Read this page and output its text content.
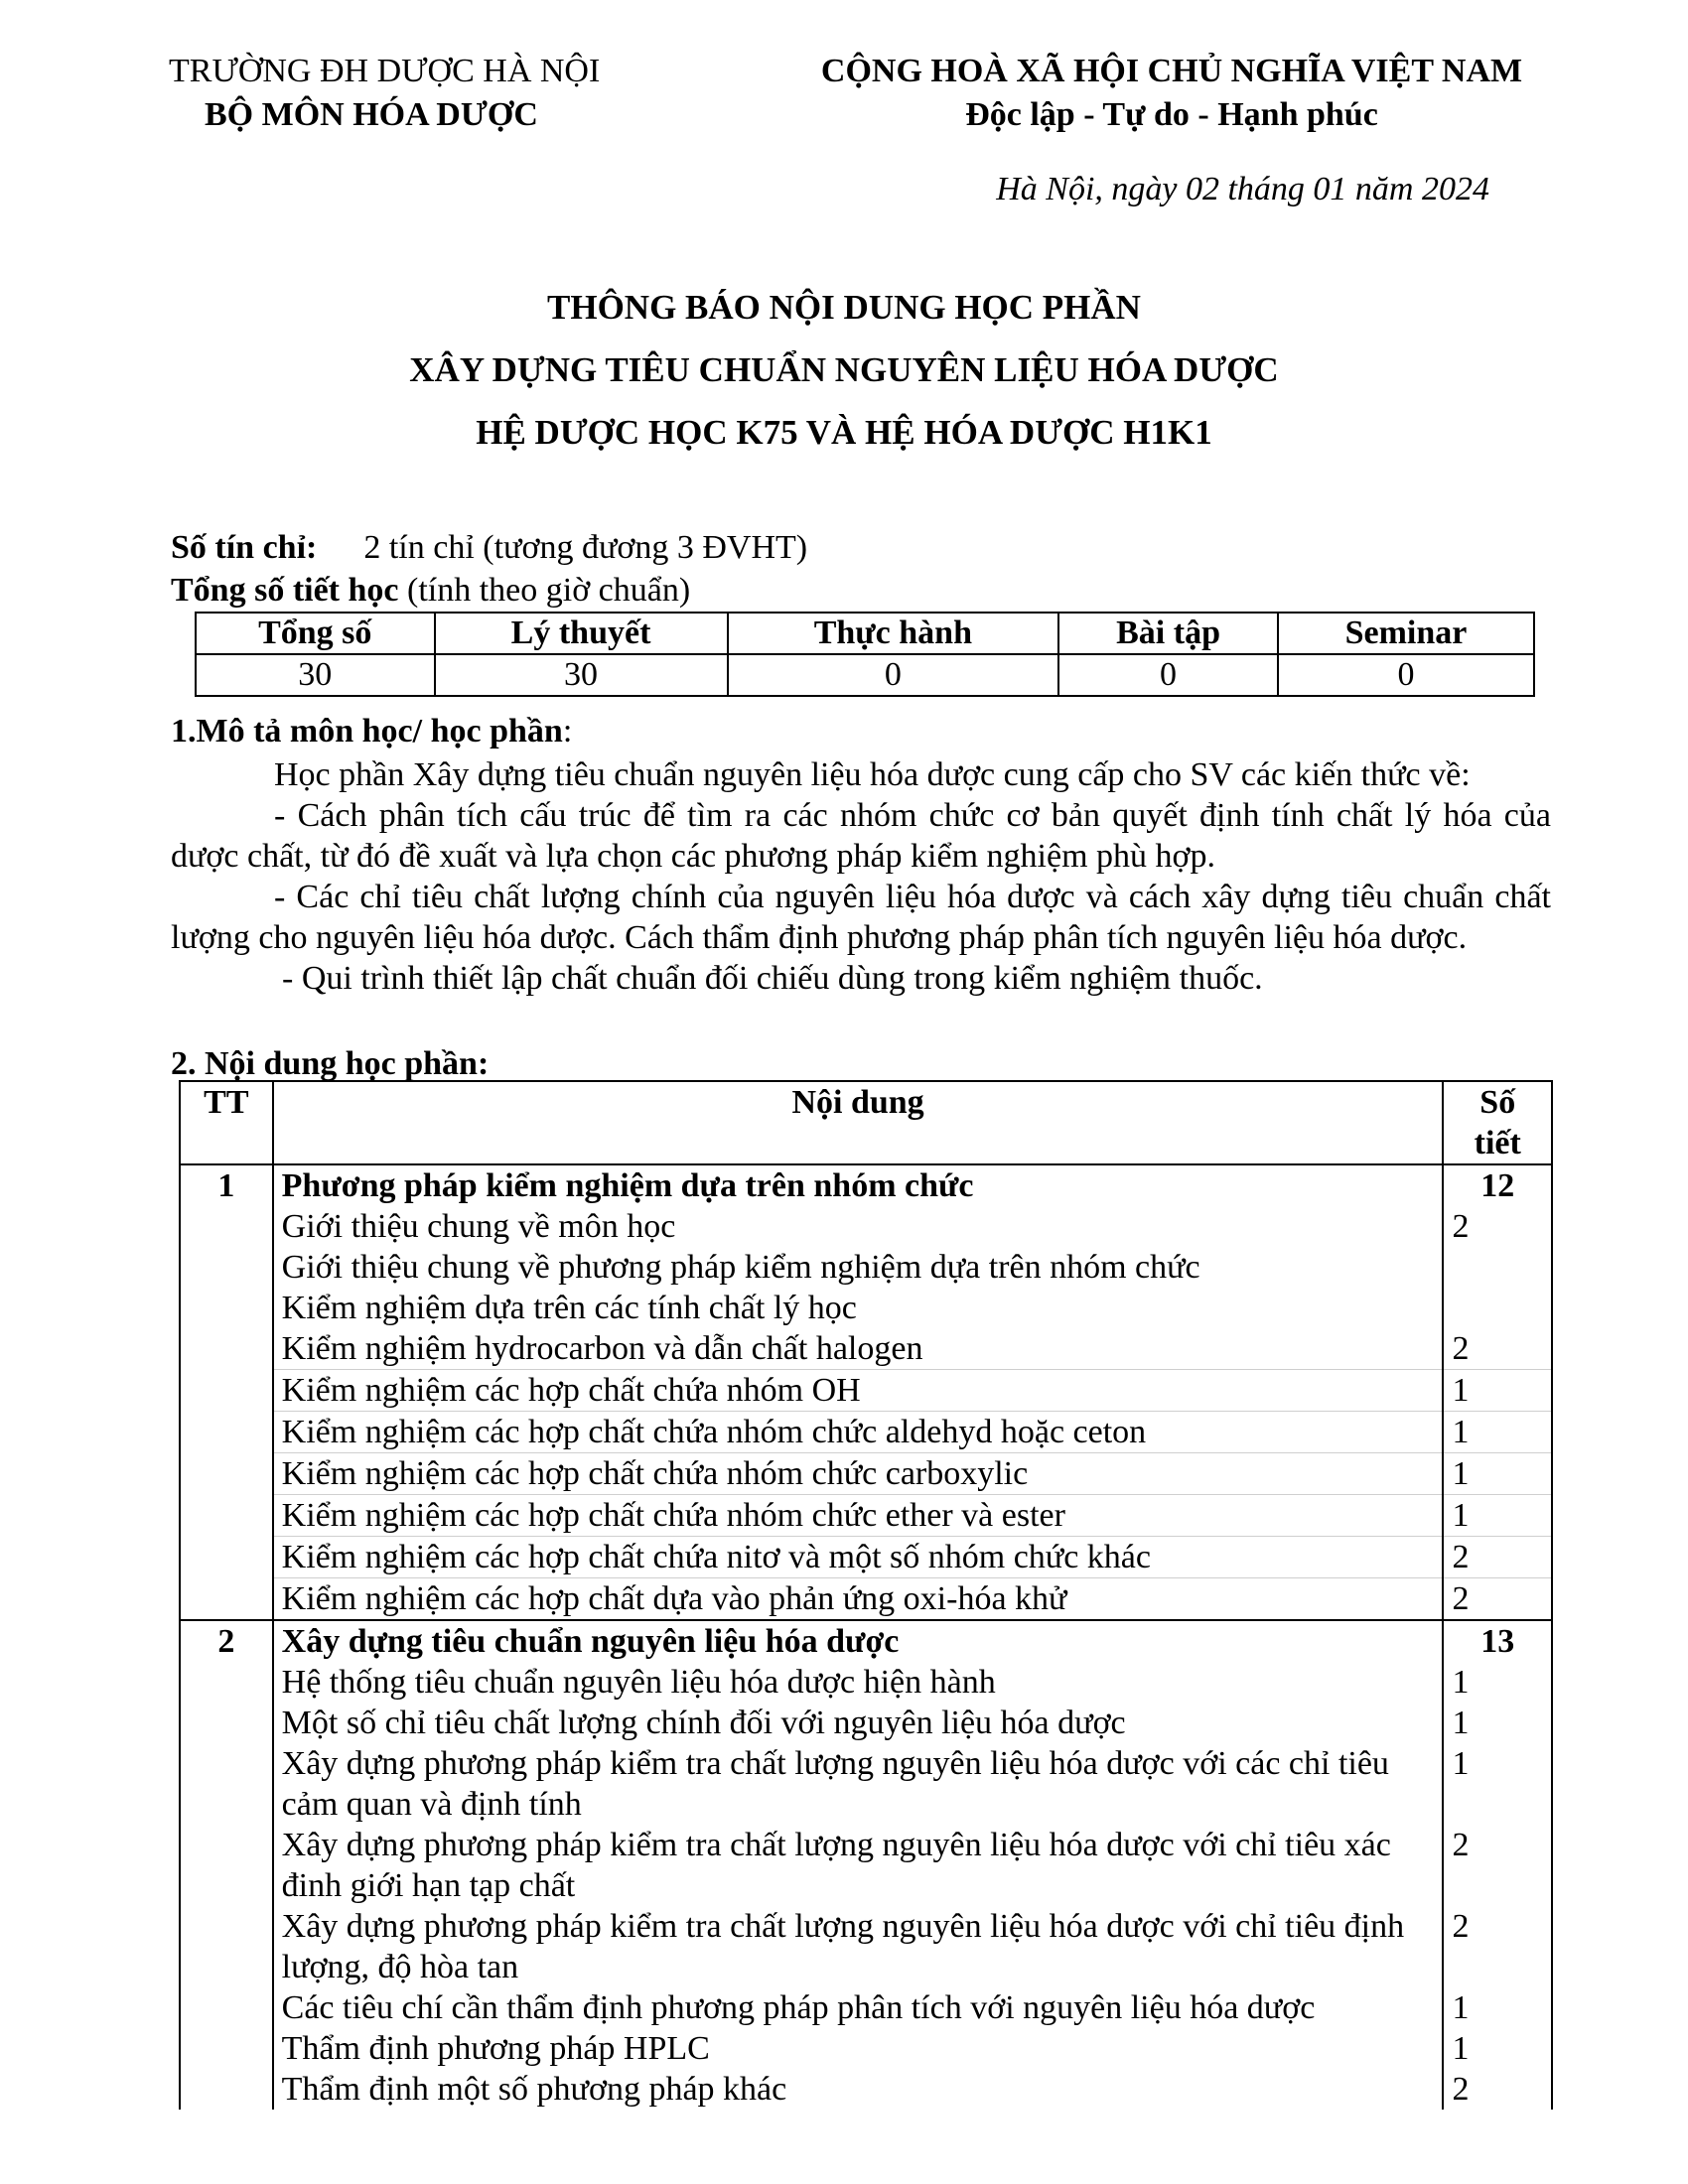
TRƯỜNG ĐH DƯỢC HÀ NỘI
BỘ MÔN HÓA DƯỢC
CỘNG HOÀ XÃ HỘI CHỦ NGHĨA VIỆT NAM
Độc lập - Tự do - Hạnh phúc
Hà Nội, ngày 02 tháng 01 năm 2024
THÔNG BÁO NỘI DUNG HỌC PHẦN
XÂY DỰNG TIÊU CHUẨN NGUYÊN LIỆU HÓA DƯỢC
HỆ DƯỢC HỌC K75 VÀ HỆ HÓA DƯỢC H1K1
Số tín chỉ: 2 tín chỉ (tương đương 3 ĐVHT)
Tổng số tiết học (tính theo giờ chuẩn)
Tổng số	Lý thuyết	Thực hành	Bài tập	Seminar
30	30	0	0	0
1.Mô tả môn học/ học phần:

Học phần Xây dựng tiêu chuẩn nguyên liệu hóa dược cung cấp cho SV các kiến thức về:

- Cách phân tích cấu trúc để tìm ra các nhóm chức cơ bản quyết định tính chất lý hóa của dược chất, từ đó đề xuất và lựa chọn các phương pháp kiểm nghiệm phù hợp.

- Các chỉ tiêu chất lượng chính của nguyên liệu hóa dược và cách xây dựng tiêu chuẩn chất lượng cho nguyên liệu hóa dược. Cách thẩm định phương pháp phân tích nguyên liệu hóa dược.

- Qui trình thiết lập chất chuẩn đối chiếu dùng trong kiểm nghiệm thuốc.

2. Nội dung học phần:
TT	Nội dung	Số tiết
1	Phương pháp kiểm nghiệm dựa trên nhóm chức	12
	Giới thiệu chung về môn học	2
	Giới thiệu chung về phương pháp kiểm nghiệm dựa trên nhóm chức	
	Kiểm nghiệm dựa trên các tính chất lý học	
	Kiểm nghiệm hydrocarbon và dẫn chất halogen	2
	Kiểm nghiệm các hợp chất chứa nhóm OH	1
	Kiểm nghiệm các hợp chất chứa nhóm chức aldehyd hoặc ceton	1
	Kiểm nghiệm các hợp chất chứa nhóm chức carboxylic	1
	Kiểm nghiệm các hợp chất chứa nhóm chức ether và ester	1
	Kiểm nghiệm các hợp chất chứa nitơ và một số nhóm chức khác	2
	Kiểm nghiệm các hợp chất dựa vào phản ứng oxi-hóa khử	2
2	Xây dựng tiêu chuẩn nguyên liệu hóa dược	13
	Hệ thống tiêu chuẩn nguyên liệu hóa dược hiện hành	1
	Một số chỉ tiêu chất lượng chính đối với nguyên liệu hóa dược	1
	Xây dựng phương pháp kiểm tra chất lượng nguyên liệu hóa dược với các chỉ tiêu cảm quan và định tính	1
	Xây dựng phương pháp kiểm tra chất lượng nguyên liệu hóa dược với chỉ tiêu xác đinh giới hạn tạp chất	2
	Xây dựng phương pháp kiểm tra chất lượng nguyên liệu hóa dược với chỉ tiêu định lượng, độ hòa tan	2
	Các tiêu chí cần thẩm định phương pháp phân tích với nguyên liệu hóa dược	1
	Thẩm định phương pháp HPLC	1
	Thẩm định một số phương pháp khác	2
